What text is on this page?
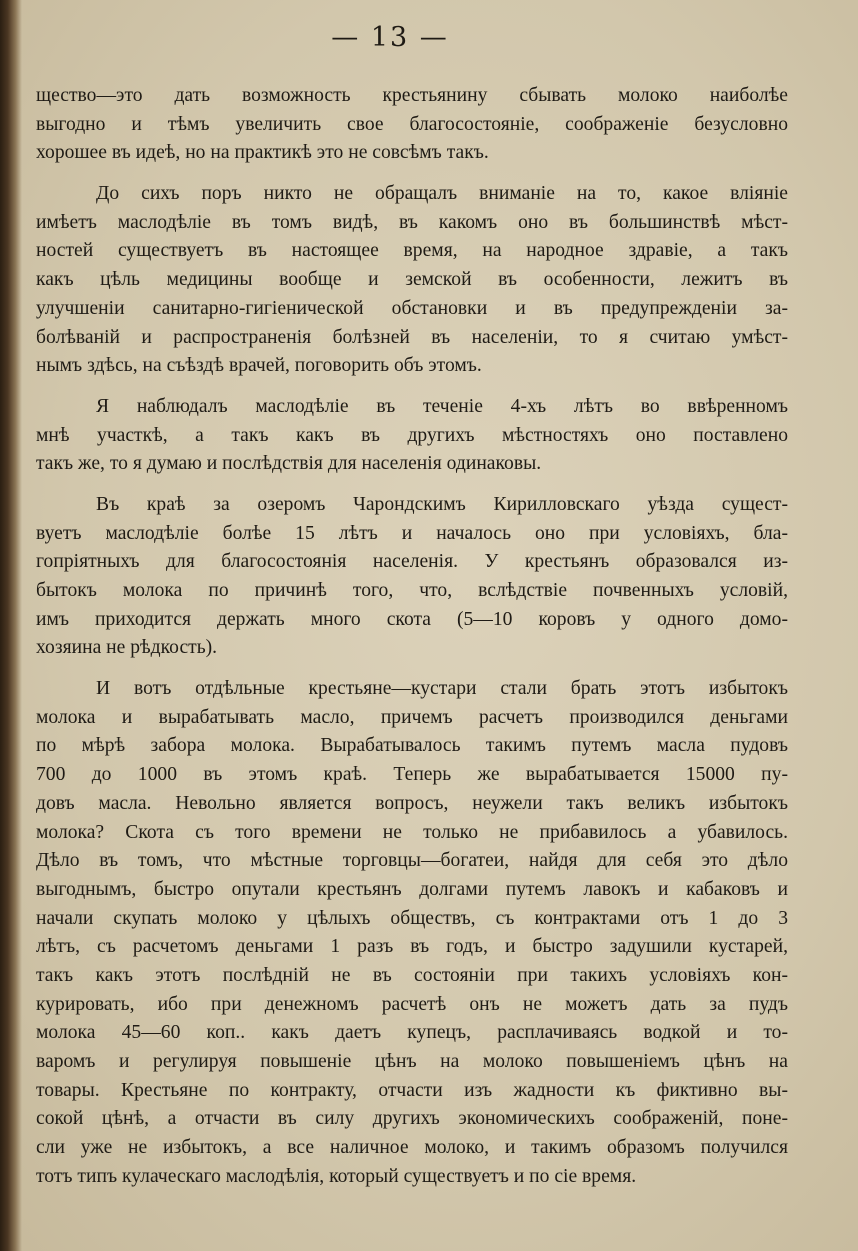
— 13 —
щество—это дать возможность крестьянину сбывать молоко наиболѣе
выгодно и тѣмъ увеличить свое благосостояніе, соображеніе безусловно
хорошее въ идеѣ, но на практикѣ это не совсѣмъ такъ.
До сихъ поръ никто не обращалъ вниманіе на то, какое вліяніе
имѣетъ маслодѣліе въ томъ видѣ, въ какомъ оно въ большинствѣ мѣст-
ностей существуетъ въ настоящее время, на народное здравіе, а такъ
какъ цѣль медицины вообще и земской въ особенности, лежитъ въ
улучшеніи санитарно-гигіенической обстановки и въ предупрежденіи за-
болѣваній и распространенія болѣзней въ населеніи, то я считаю умѣст-
нымъ здѣсь, на съѣздѣ врачей, поговорить объ этомъ.
Я наблюдалъ маслодѣліе въ теченіе 4-хъ лѣтъ во ввѣренномъ
мнѣ участкѣ, а такъ какъ въ другихъ мѣстностяхъ оно поставлено
такъ же, то я думаю и послѣдствія для населенія одинаковы.
Въ краѣ за озеромъ Чарондскимъ Кирилловскаго уѣзда сущест-
вуетъ маслодѣліе болѣе 15 лѣтъ и началось оно при условіяхъ, бла-
гопріятныхъ для благосостоянія населенія. У крестьянъ образовался из-
бытокъ молока по причинѣ того, что, вслѣдствіе почвенныхъ условій,
имъ приходится держать много скота (5—10 коровъ у одного домо-
хозяина не рѣдкость).
И вотъ отдѣльные крестьяне—кустари стали брать этотъ избытокъ
молока и вырабатывать масло, причемъ расчетъ производился деньгами
по мѣрѣ забора молока. Вырабатывалось такимъ путемъ масла пудовъ
700 до 1000 въ этомъ краѣ. Теперь же вырабатывается 15000 пу-
довъ масла. Невольно является вопросъ, неужели такъ великъ избытокъ
молока? Скота съ того времени не только не прибавилось а убавилось.
Дѣло въ томъ, что мѣстные торговцы—богатеи, найдя для себя это дѣло
выгоднымъ, быстро опутали крестьянъ долгами путемъ лавокъ и кабаковъ и
начали скупать молоко у цѣлыхъ обществъ, съ контрактами отъ 1 до 3
лѣтъ, съ расчетомъ деньгами 1 разъ въ годъ, и быстро задушили кустарей,
такъ какъ этотъ послѣдній не въ состояніи при такихъ условіяхъ кон-
курировать, ибо при денежномъ расчетѣ онъ не можетъ дать за пудъ
молока 45—60 коп.. какъ даетъ купецъ, расплачиваясь водкой и то-
варомъ и регулируя повышеніе цѣнъ на молоко повышеніемъ цѣнъ на
товары. Крестьяне по контракту, отчасти изъ жадности къ фиктивно вы-
сокой цѣнѣ, а отчасти въ силу другихъ экономическихъ соображеній, поне-
сли уже не избытокъ, а все наличное молоко, и такимъ образомъ получился
тотъ типъ кулаческаго маслодѣлія, который существуетъ и по сіе время.
